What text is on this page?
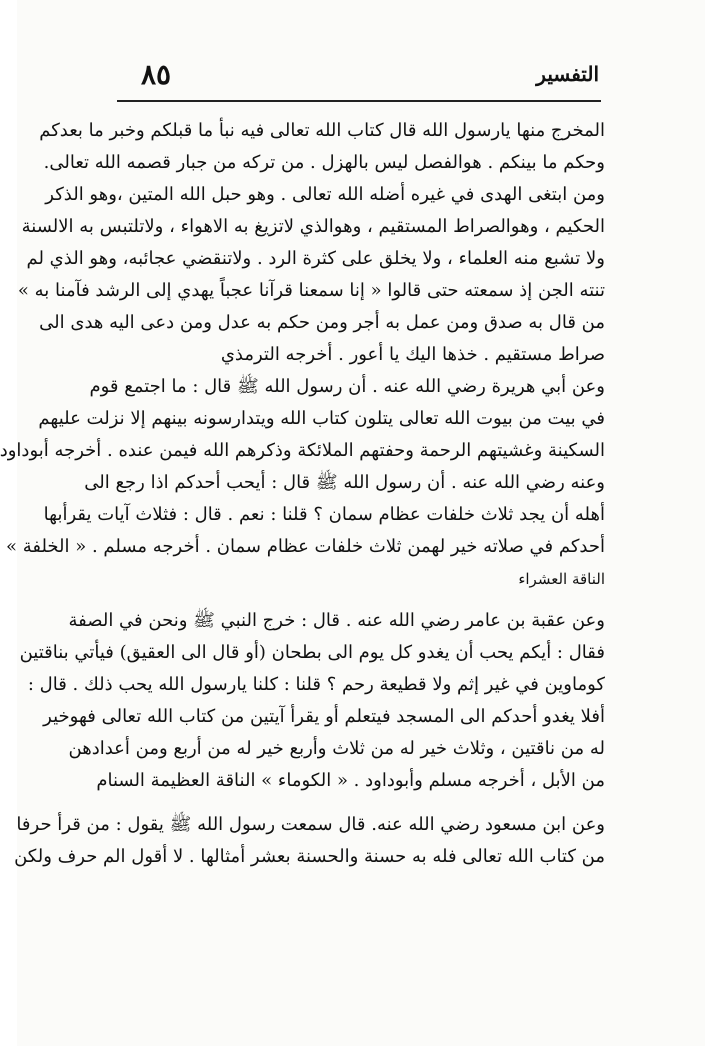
التفسير
٨٥
المخرج منها يارسول الله قال كتاب الله تعالى فيه نبأ ما قبلكم وخبر ما بعدكم
وحكم ما بينكم . هوالفصل ليس بالهزل . من تركه من جبار قصمه الله تعالى.
ومن ابتغى الهدى في غيره أضله الله تعالى . وهو حبل الله المتين ،وهو الذكر
الحكيم ، وهوالصراط المستقيم ، وهوالذي لاتزيغ به الاهواء ، ولاتلتبس به الالسنة
ولا تشبع منه العلماء ، ولا يخلق على كثرة الرد . ولاتنقضي عجائبه، وهو الذي لم
تنته الجن إذ سمعته حتى قالوا « إنا سمعنا قرآنا عجباً يهدي إلى الرشد فآمنا به »
من قال به صدق ومن عمل به أجر ومن حكم به عدل ومن دعى اليه هدى الى
صراط مستقيم . خذها اليك يا أعور . أخرجه الترمذي
وعن أبي هريرة رضي الله عنه . أن رسول الله ﷺ قال : ما اجتمع قوم
في بيت من بيوت الله تعالى يتلون كتاب الله ويتدارسونه بينهم إلا نزلت عليهم
السكينة وغشيتهم الرحمة وحفتهم الملائكة وذكرهم الله فيمن عنده . أخرجه أبوداود
وعنه رضي الله عنه . أن رسول الله ﷺ قال : أيحب أحدكم اذا رجع الى
أهله أن يجد ثلاث خلفات عظام سمان ؟ قلنا : نعم . قال : فثلاث آيات يقرأبها
أحدكم في صلاته خير لهمن ثلاث خلفات عظام سمان . أخرجه مسلم . « الخلفة »
الناقة العشراء
وعن عقبة بن عامر رضي الله عنه . قال : خرج النبي ﷺ ونحن في الصفة
فقال : أيكم يحب أن يغدو كل يوم الى بطحان (أو قال الى العقيق) فيأتي بناقتين
كوماوين في غير إثم ولا قطيعة رحم ؟ قلنا : كلنا يارسول الله يحب ذلك . قال :
أفلا يغدو أحدكم الى المسجد فيتعلم أو يقرأ آيتين من كتاب الله تعالى فهوخير
له من ناقتين ، وثلاث خير له من ثلاث وأربع خير له من أربع ومن أعدادهن
من الأبل ، أخرجه مسلم وأبوداود . « الكوماء » الناقة العظيمة السنام
وعن ابن مسعود رضي الله عنه. قال سمعت رسول الله ﷺ يقول : من قرأ حرفا
من كتاب الله تعالى فله به حسنة والحسنة بعشر أمثالها . لا أقول الم حرف ولكن
